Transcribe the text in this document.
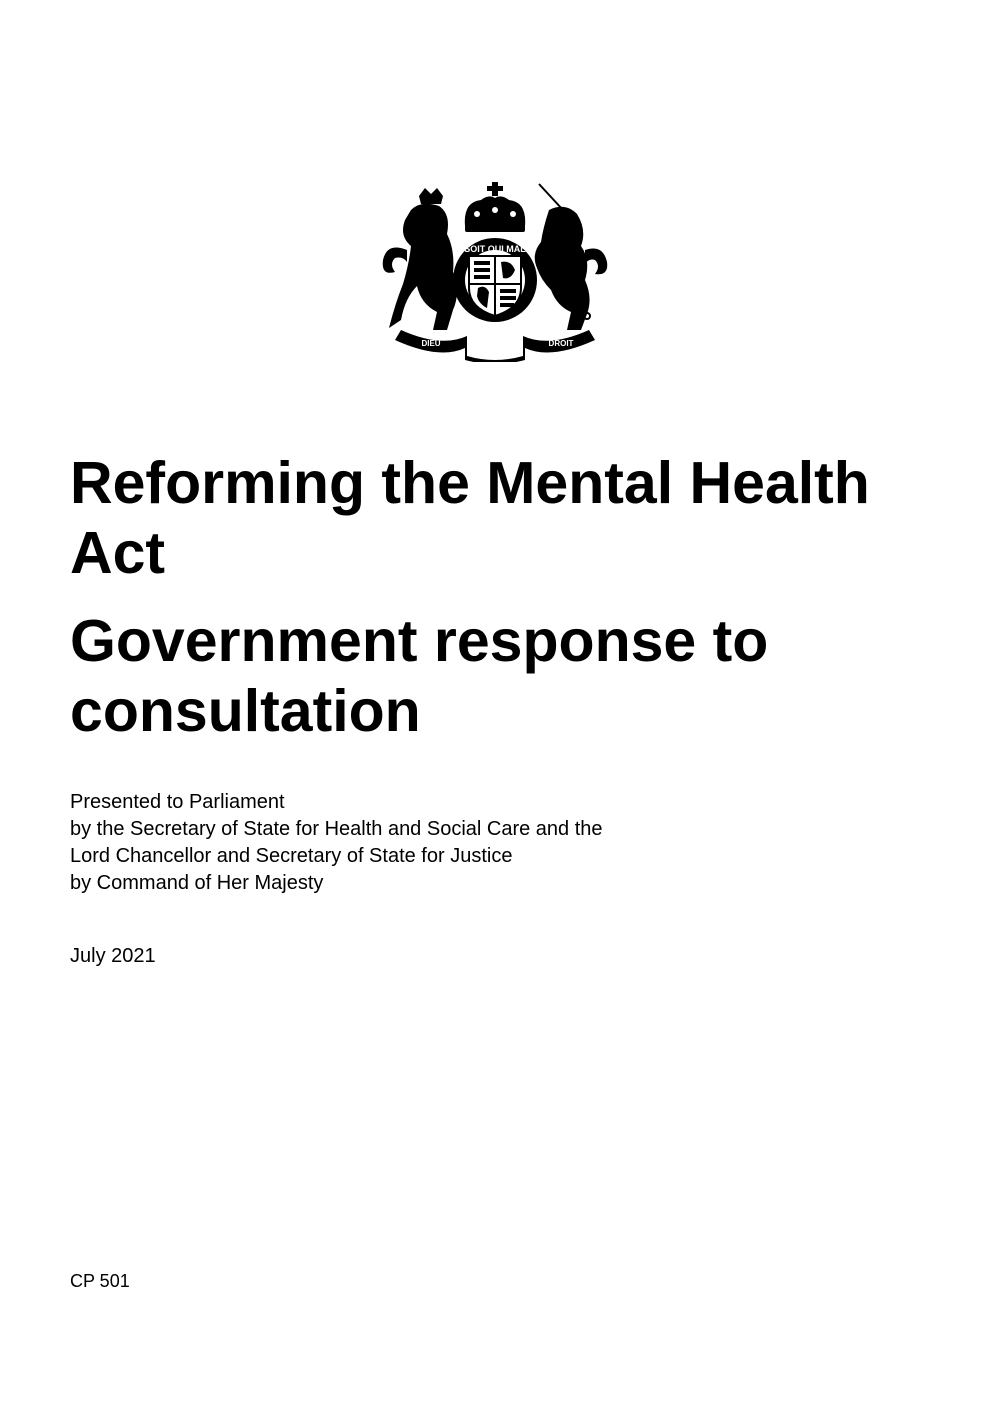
SOIT QUI MAL
DIEU
ET MON
DROIT
Reforming the Mental Health
Act
Government response to
consultation
Presented to Parliament
by the Secretary of State for Health and Social Care and the
Lord Chancellor and Secretary of State for Justice
by Command of Her Majesty
July 2021
CP 501
